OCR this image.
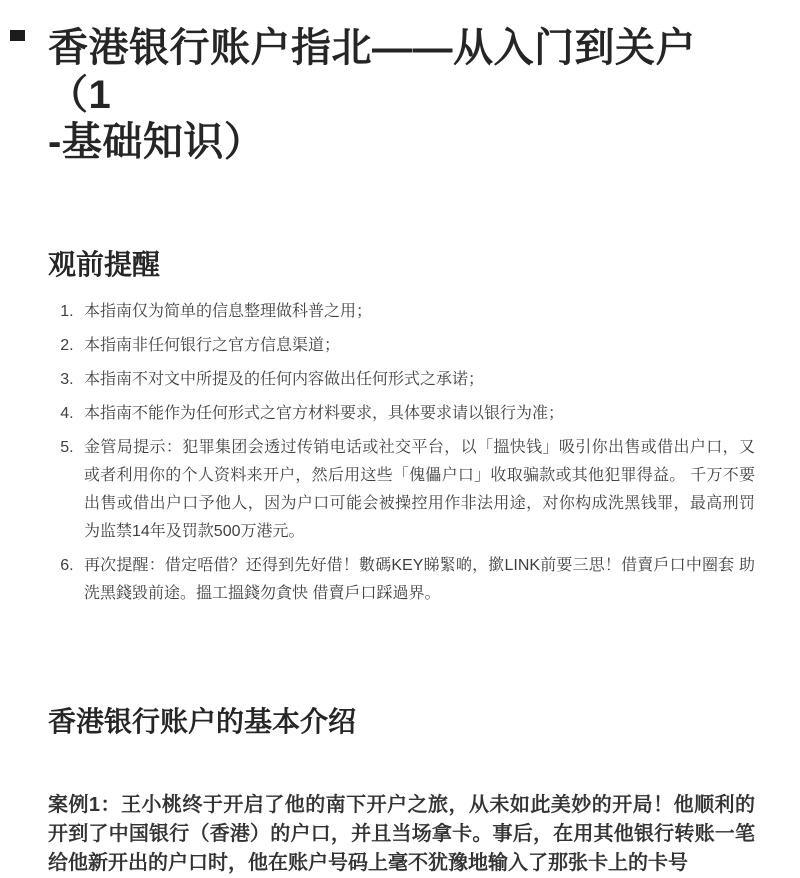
香港银行账户指北——从入门到关户（1
-基础知识）
观前提醒
1. 本指南仅为简单的信息整理做科普之用；
2. 本指南非任何银行之官方信息渠道；
3. 本指南不对文中所提及的任何内容做出任何形式之承诺；
4. 本指南不能作为任何形式之官方材料要求，具体要求请以银行为准；
5. 金管局提示：犯罪集团会透过传销电话或社交平台，以「搵快钱」吸引你出售或借出户口，又或者利用你的个人资料来开户，然后用这些「傀儡户口」收取骗款或其他犯罪得益。 千万不要出售或借出户口予他人，因为户口可能会被操控用作非法用途，对你构成洗黑钱罪，最高刑罚为监禁14年及罚款500万港元。
6. 再次提醒：借定唔借？还得到先好借！數碼KEY睇緊啲，撳LINK前要三思！借賣戶口中圈套 助洗黑錢毀前途。搵工搵錢勿貪快 借賣戶口踩過界。
香港银行账户的基本介绍

案例1：王小桃终于开启了他的南下开户之旅，从未如此美妙的开局！他顺利的开到了中国银行（香港）的户口，并且当场拿卡。事后，在用其他银行转账一笔给他新开出的户口时，他在账户号码上毫不犹豫地输入了那张卡上的卡号
